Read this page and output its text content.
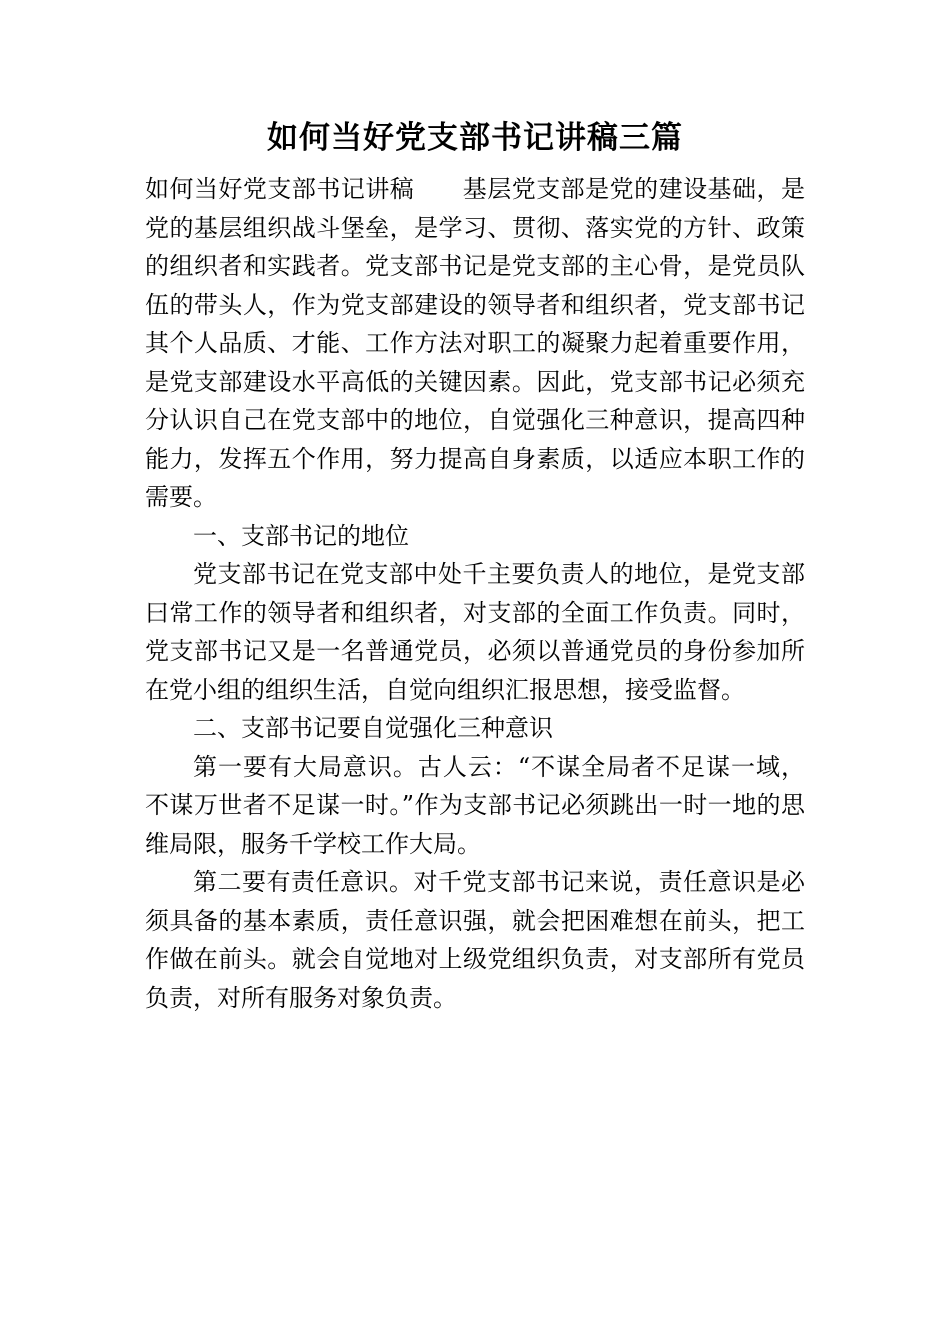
如何当好党支部书记讲稿三篇

如何当好党支部书记讲稿 基层党支部是党的建设基础，是党的基层组织战斗堡垒，是学习、贯彻、落实党的方针、政策的组织者和实践者。党支部书记是党支部的主心骨，是党员队伍的带头人，作为党支部建设的领导者和组织者，党支部书记其个人品质、才能、工作方法对职工的凝聚力起着重要作用，是党支部建设水平高低的关键因素。因此，党支部书记必须充分认识自己在党支部中的地位，自觉强化三种意识，提高四种能力，发挥五个作用，努力提高自身素质，以适应本职工作的需要。

一、支部书记的地位

党支部书记在党支部中处千主要负责人的地位，是党支部曰常工作的领导者和组织者，对支部的全面工作负责。同时，党支部书记又是一名普通党员，必须以普通党员的身份参加所在党小组的组织生活，自觉向组织汇报思想，接受监督。

二、支部书记要自觉强化三种意识

第一要有大局意识。古人云：“不谋全局者不足谋一域，不谋万世者不足谋一时。”作为支部书记必须跳出一时一地的思维局限，服务千学校工作大局。

第二要有责任意识。对千党支部书记来说，责任意识是必须具备的基本素质，责任意识强，就会把困难想在前头，把工作做在前头。就会自觉地对上级党组织负责，对支部所有党员负责，对所有服务对象负责。
